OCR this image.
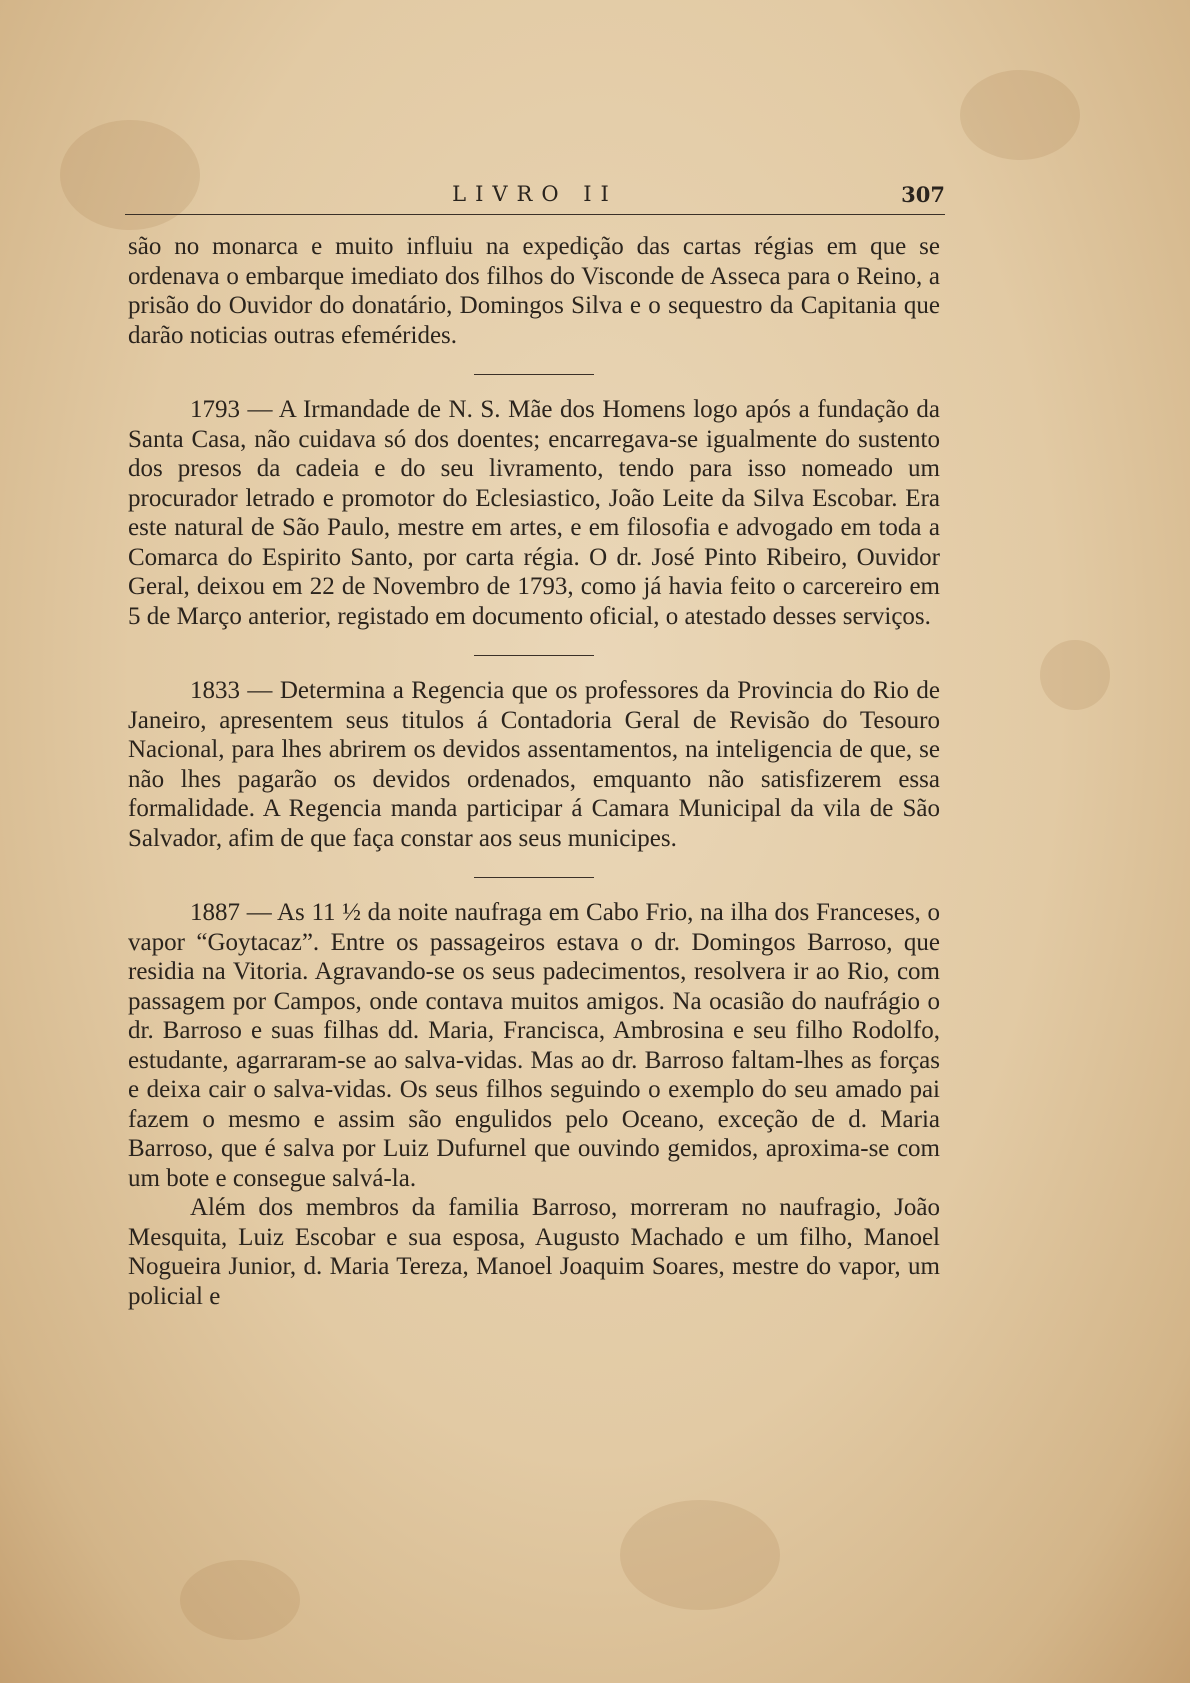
LIVRO II	307

são no monarca e muito influiu na expedição das cartas régias em que se ordenava o embarque imediato dos filhos do Visconde de Asseca para o Reino, a prisão do Ouvidor do donatário, Domingos Silva e o sequestro da Capitania que darão noticias outras efemérides.

1793 — A Irmandade de N. S. Mãe dos Homens logo após a fundação da Santa Casa, não cuidava só dos doentes; encarregava-se igualmente do sustento dos presos da cadeia e do seu livramento, tendo para isso nomeado um procurador letrado e promotor do Eclesiastico, João Leite da Silva Escobar. Era este natural de São Paulo, mestre em artes, e em filosofia e advogado em toda a Comarca do Espirito Santo, por carta régia. O dr. José Pinto Ribeiro, Ouvidor Geral, deixou em 22 de Novembro de 1793, como já havia feito o carcereiro em 5 de Março anterior, registado em documento oficial, o atestado desses serviços.

1833 — Determina a Regencia que os professores da Provincia do Rio de Janeiro, apresentem seus titulos á Contadoria Geral de Revisão do Tesouro Nacional, para lhes abrirem os devidos assentamentos, na inteligencia de que, se não lhes pagarão os devidos ordenados, emquanto não satisfizerem essa formalidade. A Regencia manda participar á Camara Municipal da vila de São Salvador, afim de que faça constar aos seus municipes.

1887 — As 11 ½ da noite naufraga em Cabo Frio, na ilha dos Franceses, o vapor “Goytacaz”. Entre os passageiros estava o dr. Domingos Barroso, que residia na Vitoria. Agravando-se os seus padecimentos, resolvera ir ao Rio, com passagem por Campos, onde contava muitos amigos. Na ocasião do naufrágio o dr. Barroso e suas filhas dd. Maria, Francisca, Ambrosina e seu filho Rodolfo, estudante, agarraram-se ao salva-vidas. Mas ao dr. Barroso faltam-lhes as forças e deixa cair o salva-vidas. Os seus filhos seguindo o exemplo do seu amado pai fazem o mesmo e assim são engulidos pelo Oceano, exceção de d. Maria Barroso, que é salva por Luiz Dufurnel que ouvindo gemidos, aproxima-se com um bote e consegue salvá-la.

Além dos membros da familia Barroso, morreram no naufragio, João Mesquita, Luiz Escobar e sua esposa, Augusto Machado e um filho, Manoel Nogueira Junior, d. Maria Tereza, Manoel Joaquim Soares, mestre do vapor, um policial e
